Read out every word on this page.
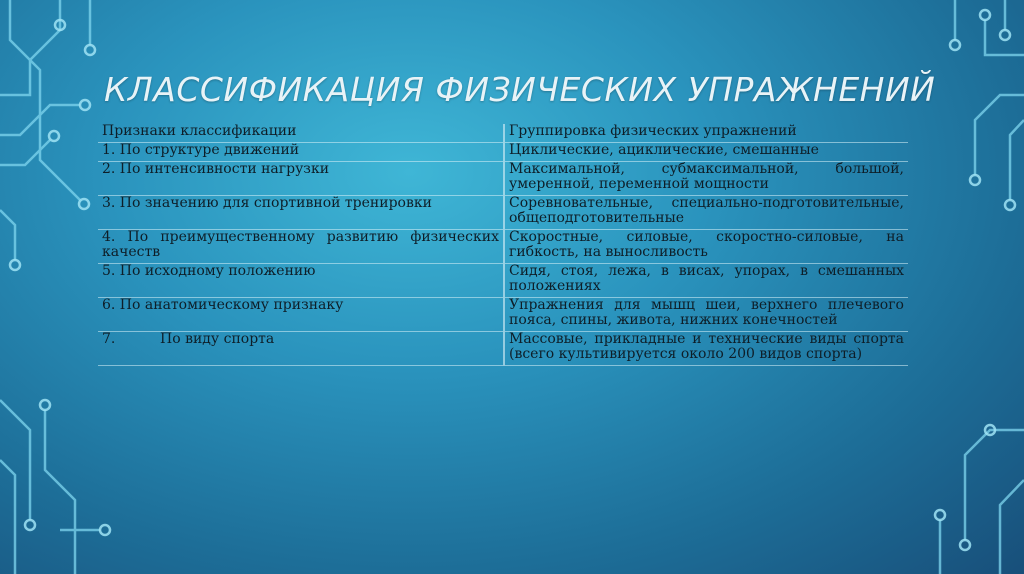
КЛАССИФИКАЦИЯ ФИЗИЧЕСКИХ УПРАЖНЕНИЙ
Признаки классификации	Группировка физических упражнений
1. По структуре движений	Циклические, ациклические, смешанные
2. По интенсивности нагрузки	Максимальной, субмаксимальной, большой, умеренной, переменной мощности
3. По значению для спортивной тренировки	Соревновательные, специально-подготовительные, общеподготовительные
4. По преимущественному развитию физических качеств	Скоростные, силовые, скоростно-силовые, на гибкость, на выносливость
5. По исходному положению	Сидя, стоя, лежа, в висах, упорах, в смешанных положениях
6. По анатомическому признаку	Упражнения для мышц шеи, верхнего плечевого пояса, спины, живота, нижних конечностей
7. По виду спорта	Массовые, прикладные и технические виды спорта (всего культивируется около 200 видов спорта)
